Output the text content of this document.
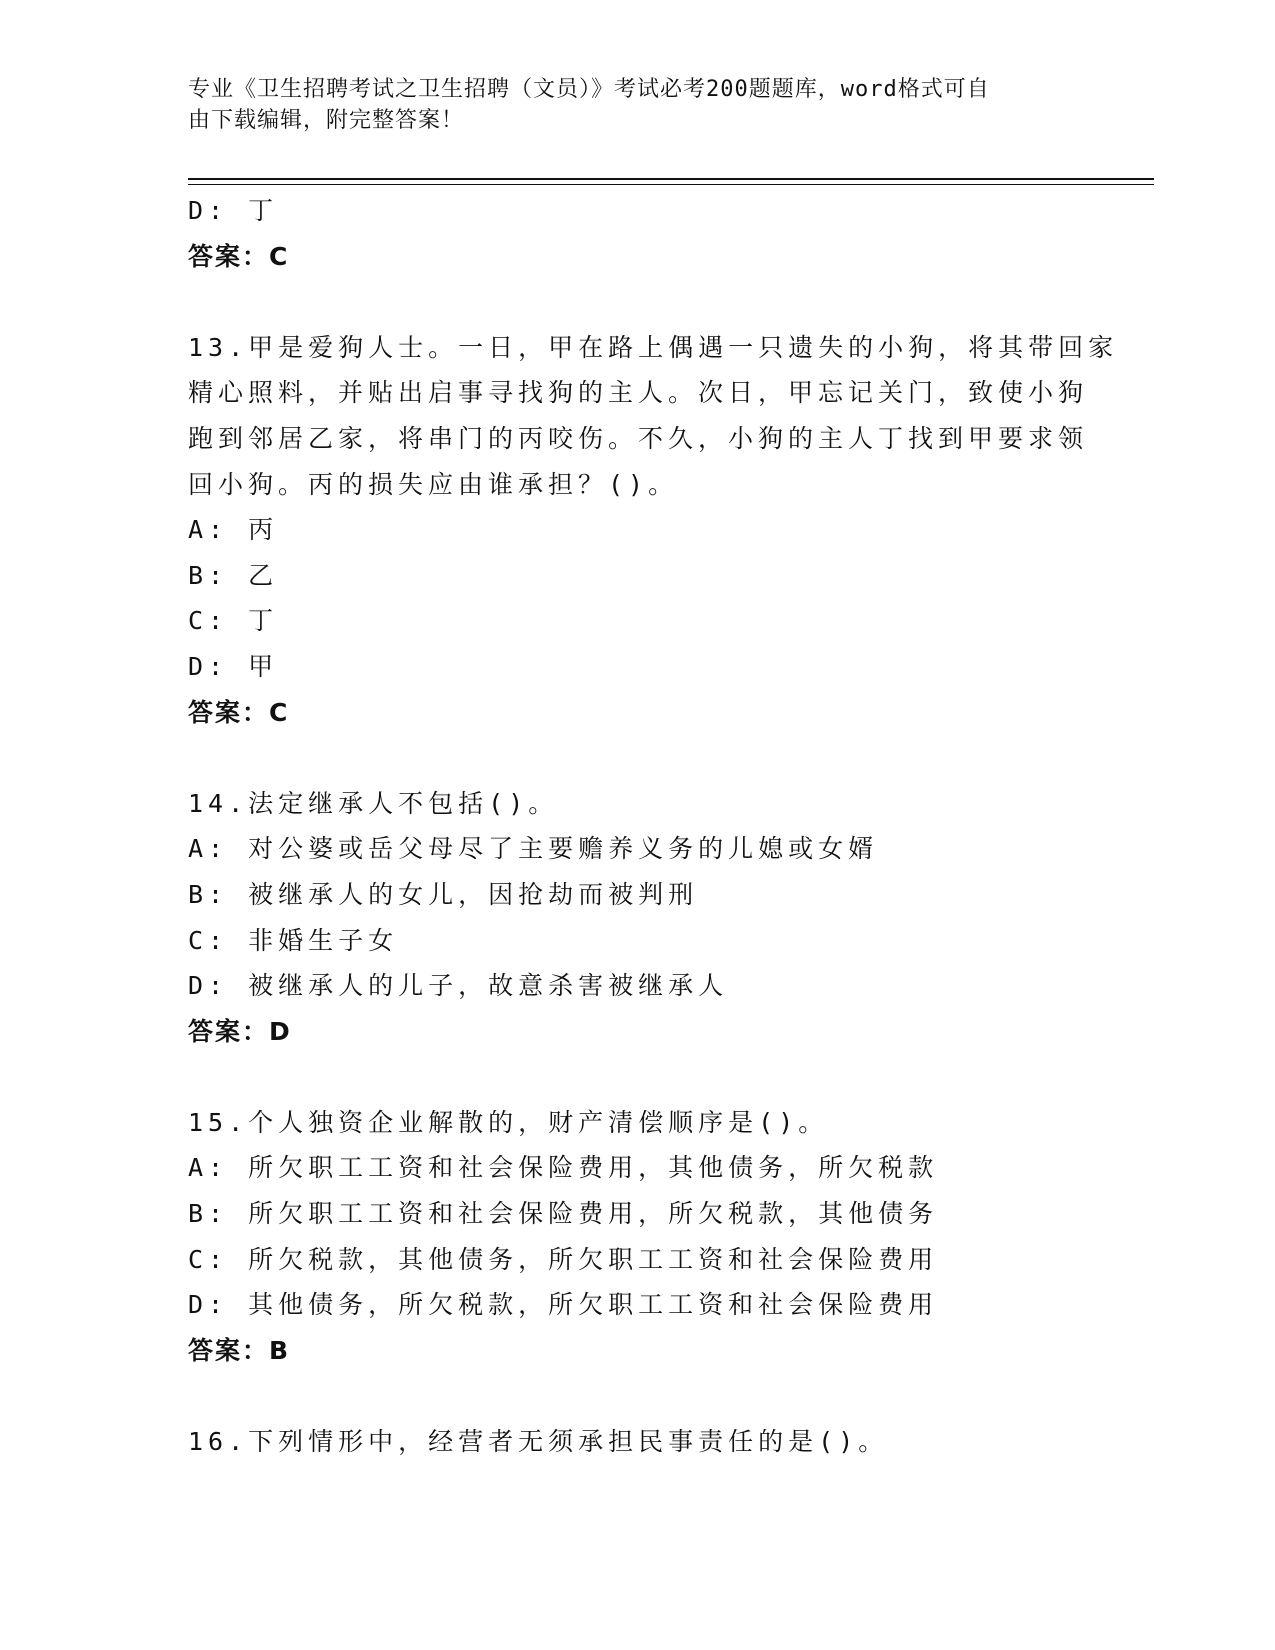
专业《卫生招聘考试之卫生招聘（文员）》考试必考200题题库，word格式可自
由下载编辑，附完整答案！
D: 丁
答案：C
13.甲是爱狗人士。一日，甲在路上偶遇一只遗失的小狗，将其带回家
精心照料，并贴出启事寻找狗的主人。次日，甲忘记关门，致使小狗
跑到邻居乙家，将串门的丙咬伤。不久，小狗的主人丁找到甲要求领
回小狗。丙的损失应由谁承担？()。
A: 丙
B: 乙
C: 丁
D: 甲
答案：C
14.法定继承人不包括()。
A: 对公婆或岳父母尽了主要赡养义务的儿媳或女婿
B: 被继承人的女儿，因抢劫而被判刑
C: 非婚生子女
D: 被继承人的儿子，故意杀害被继承人
答案：D
15.个人独资企业解散的，财产清偿顺序是()。
A: 所欠职工工资和社会保险费用，其他债务，所欠税款
B: 所欠职工工资和社会保险费用，所欠税款，其他债务
C: 所欠税款，其他债务，所欠职工工资和社会保险费用
D: 其他债务，所欠税款，所欠职工工资和社会保险费用
答案：B
16.下列情形中，经营者无须承担民事责任的是()。
